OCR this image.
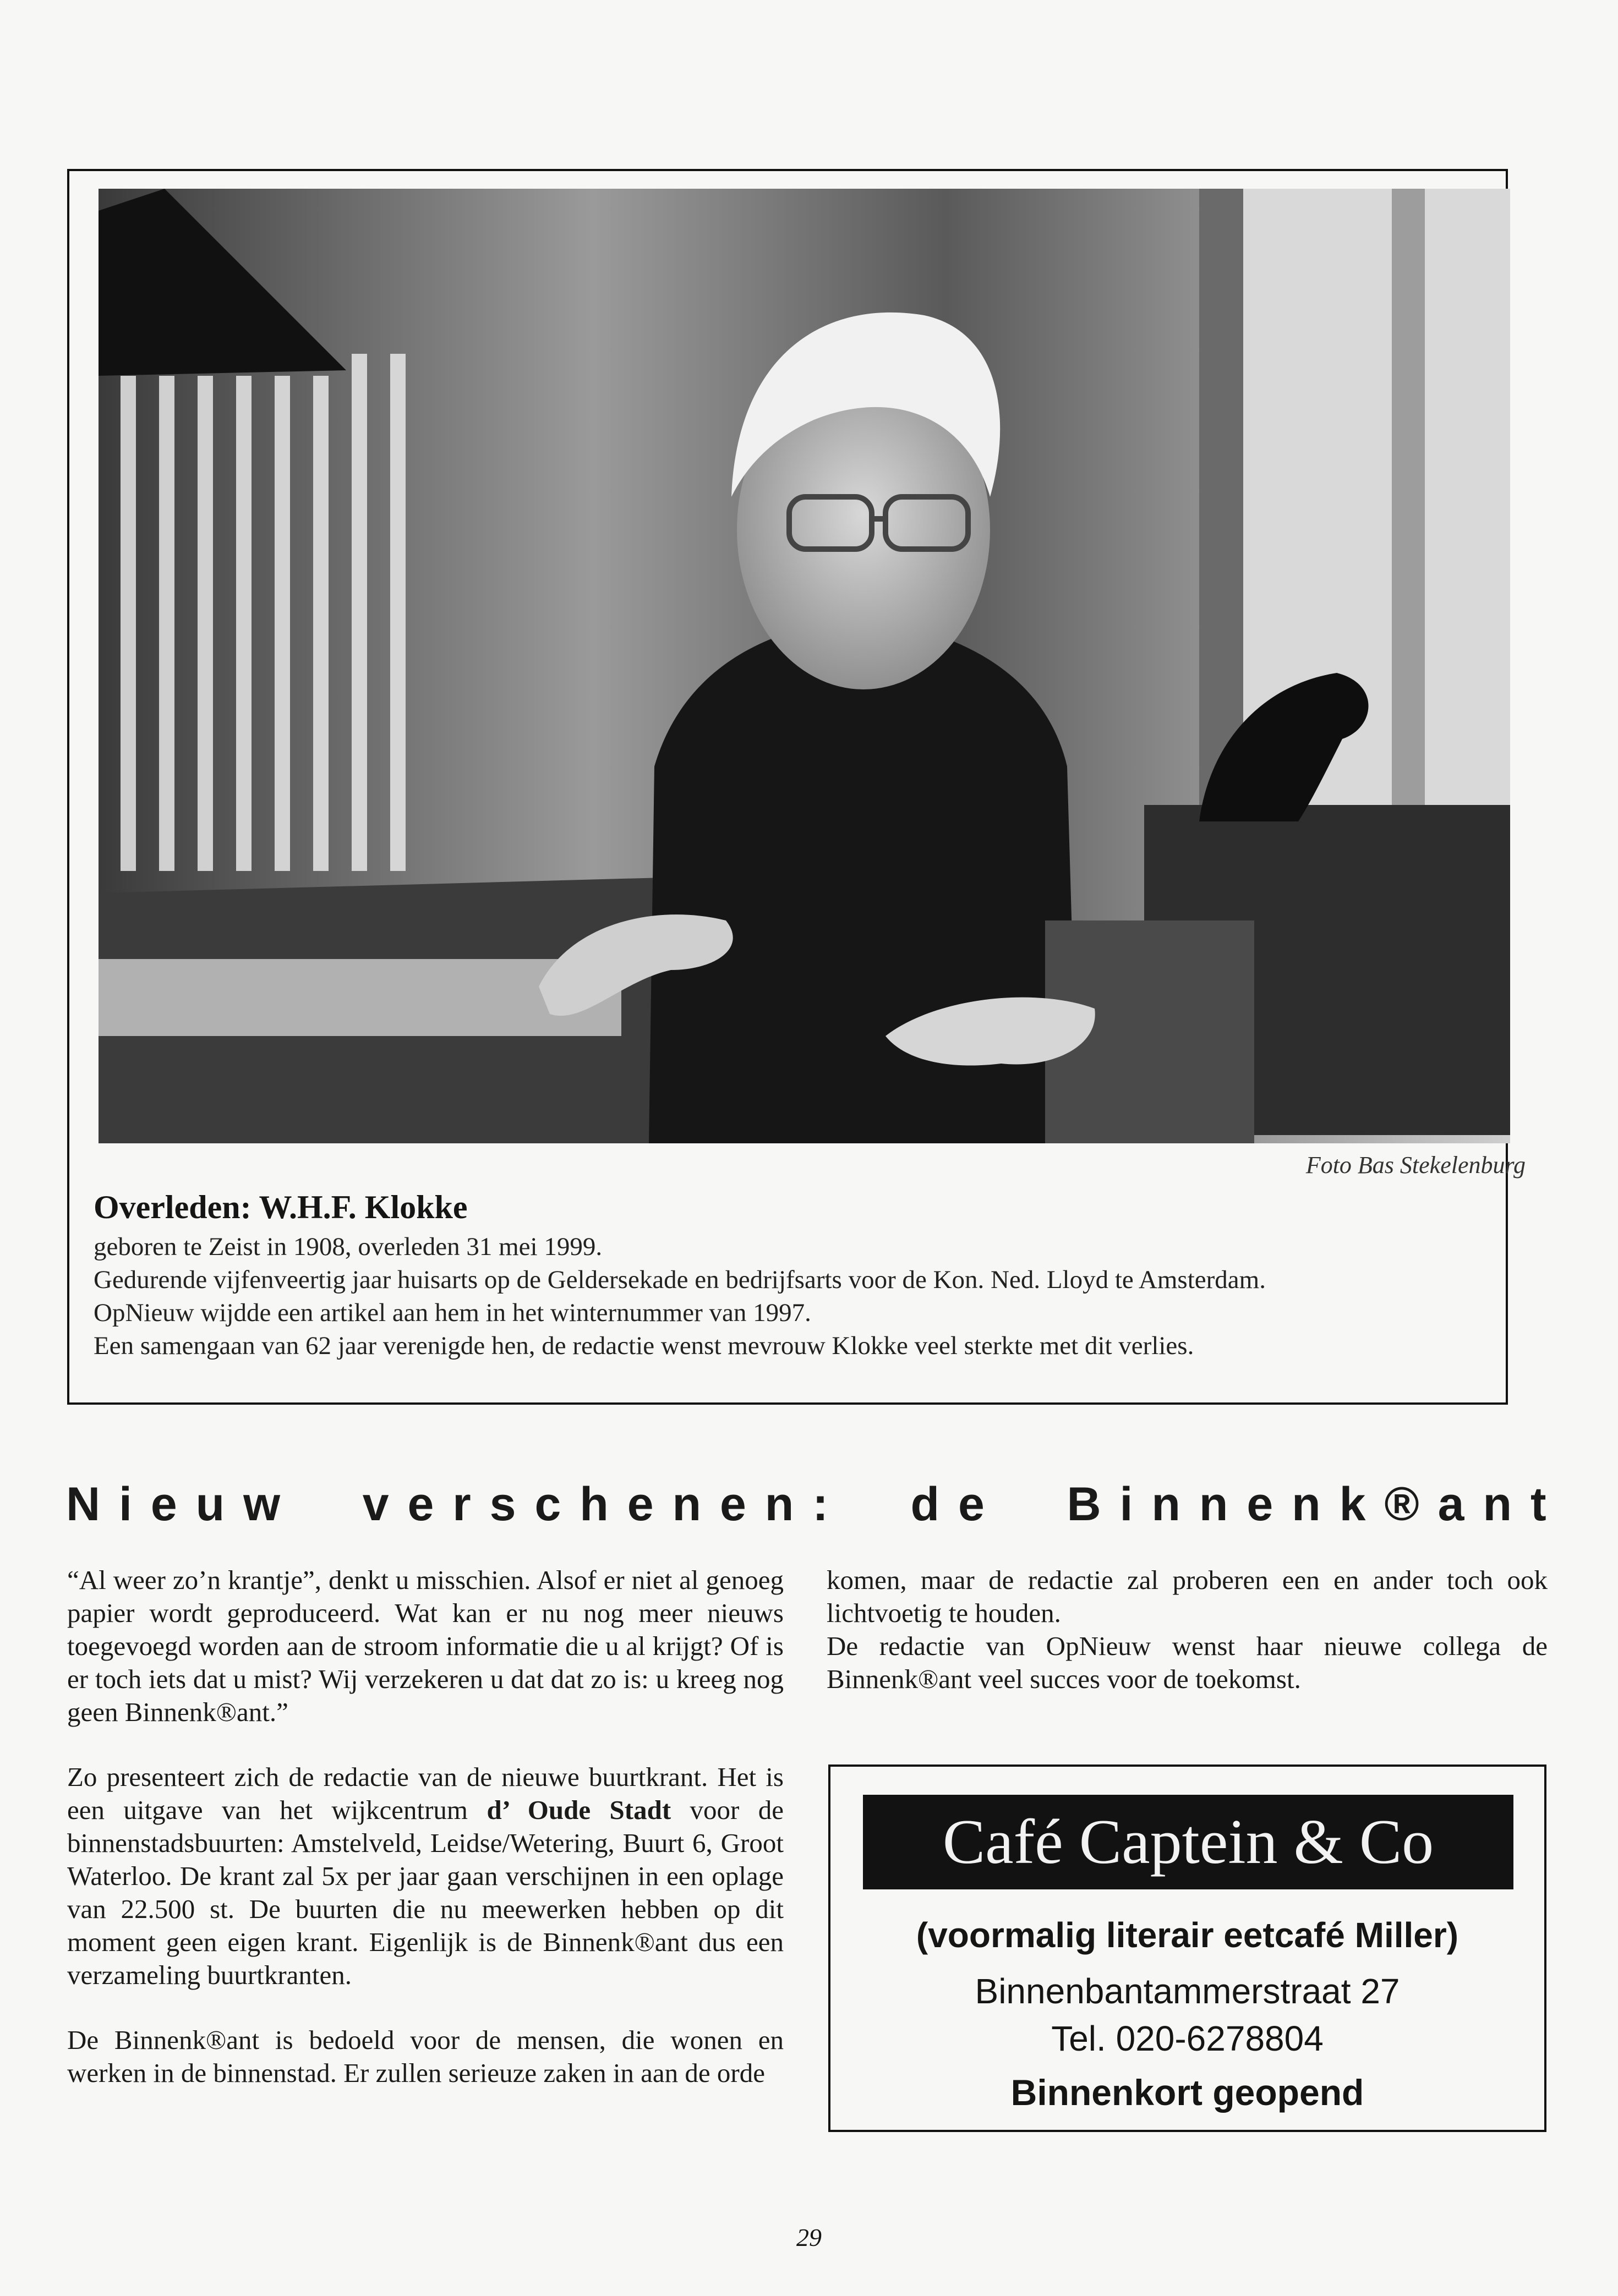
Foto Bas Stekelenburg
Overleden: W.H.F. Klokke
geboren te Zeist in 1908, overleden 31 mei 1999.
Gedurende vijfenveertig jaar huisarts op de Geldersekade en bedrijfsarts voor de Kon. Ned. Lloyd te Amsterdam.
OpNieuw wijdde een artikel aan hem in het winternummer van 1997.
Een samengaan van 62 jaar verenigde hen, de redactie wenst mevrouw Klokke veel sterkte met dit verlies.
N i e u w

v e r s c h e n e n :

d e

B i n n e n k ® a n t

“Al weer zo’n krantje”, denkt u misschien. Alsof er niet al genoeg papier wordt geproduceerd. Wat kan er nu nog meer nieuws toegevoegd worden aan de stroom informatie die u al krijgt? Of is er toch iets dat u mist? Wij verzekeren u dat dat zo is: u kreeg nog geen Binnenk®ant.”

Zo presenteert zich de redactie van de nieuwe buurtkrant. Het is een uitgave van het wijkcentrum d’ Oude Stadt voor de binnenstadsbuurten: Amstelveld, Leidse/Wetering, Buurt 6, Groot Waterloo. De krant zal 5x per jaar gaan verschijnen in een oplage van 22.500 st. De buurten die nu meewerken hebben op dit moment geen eigen krant. Eigenlijk is de Binnenk®ant dus een verzameling buurtkranten.

De Binnenk®ant is bedoeld voor de mensen, die wonen en werken in de binnenstad. Er zullen serieuze zaken in aan de orde

komen, maar de redactie zal proberen een en ander toch ook lichtvoetig te houden.

De redactie van OpNieuw wenst haar nieuwe collega de Binnenk®ant veel succes voor de toekomst.

Café Captein & Co
(voormalig literair eetcafé Miller)
Binnenbantammerstraat 27
Tel. 020-6278804
Binnenkort geopend
29
